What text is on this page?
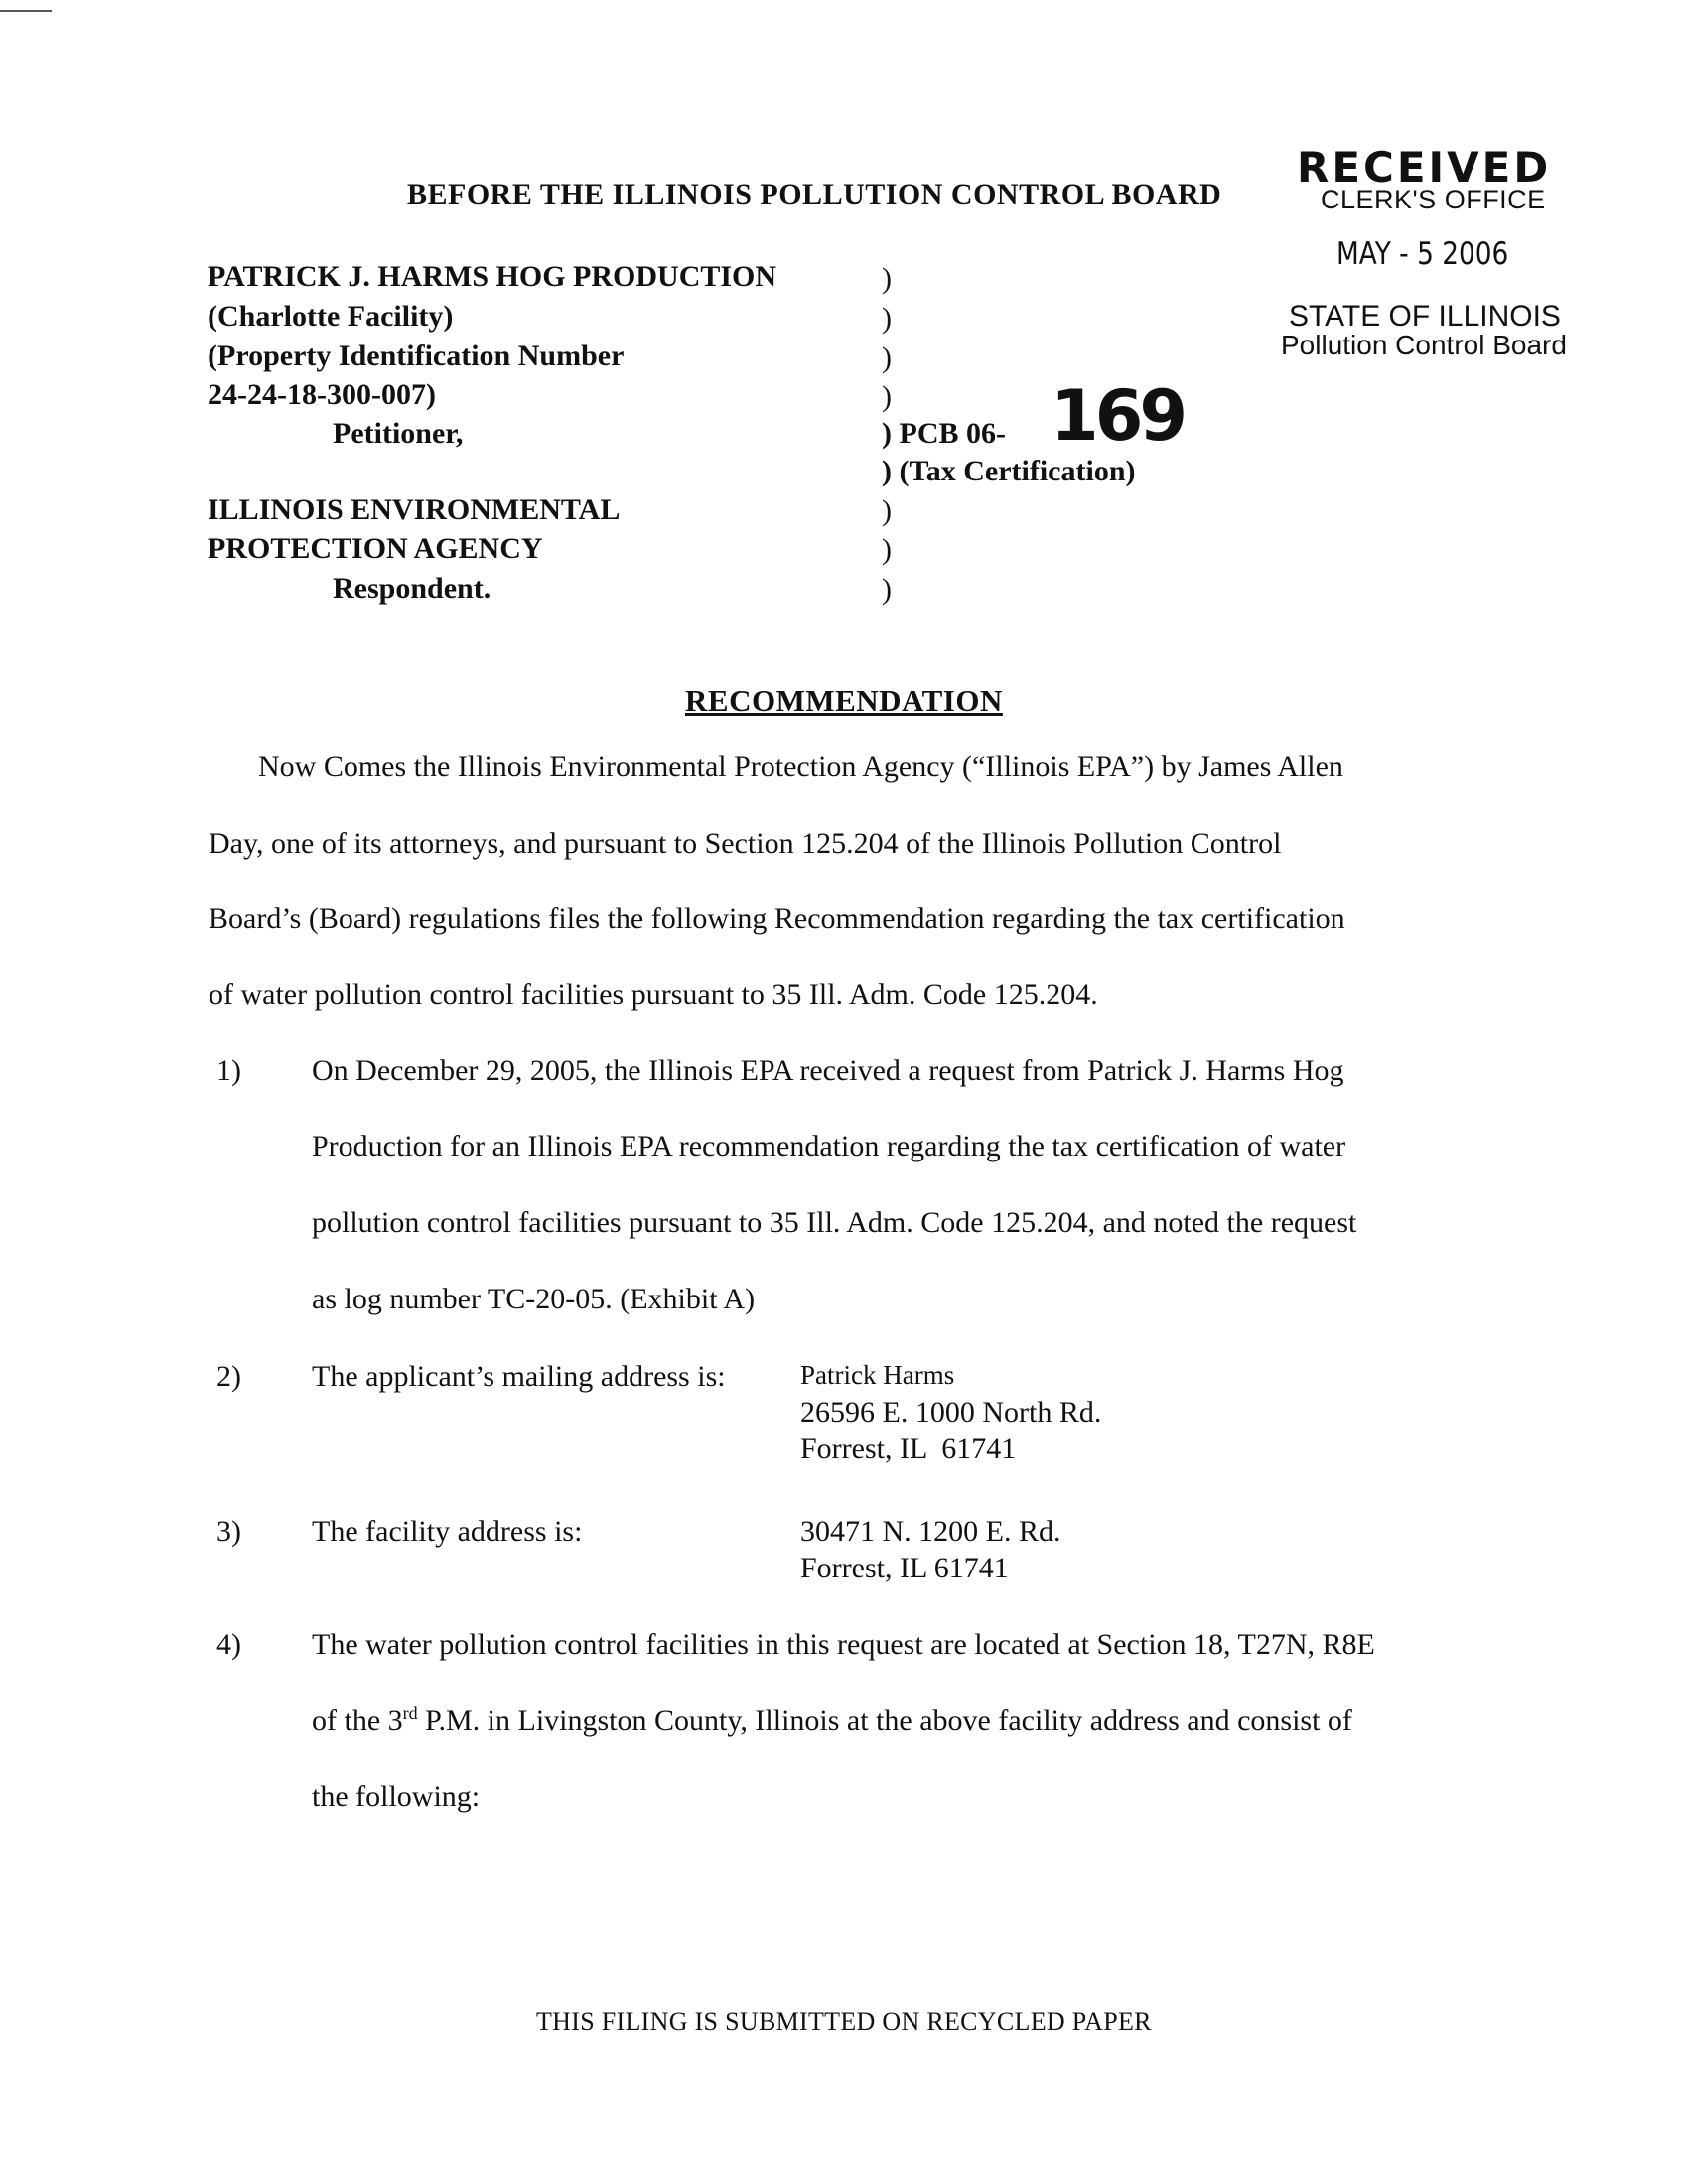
BEFORE THE ILLINOIS POLLUTION CONTROL BOARD
RECEIVED
CLERK'S OFFICE
MAY - 5 2006
STATE OF ILLINOIS
Pollution Control Board
PATRICK J. HARMS HOG PRODUCTION
(Charlotte Facility)
(Property Identification Number
24-24-18-300-007)
Petitioner,
ILLINOIS ENVIRONMENTAL
PROTECTION AGENCY
Respondent.
)
)
)
)
) PCB 06- 169
) (Tax Certification)
)
)
)
RECOMMENDATION
Now Comes the Illinois Environmental Protection Agency (“Illinois EPA”) by James Allen
Day, one of its attorneys, and pursuant to Section 125.204 of the Illinois Pollution Control
Board’s (Board) regulations files the following Recommendation regarding the tax certification
of water pollution control facilities pursuant to 35 Ill. Adm. Code 125.204.
1) On December 29, 2005, the Illinois EPA received a request from Patrick J. Harms Hog
Production for an Illinois EPA recommendation regarding the tax certification of water
pollution control facilities pursuant to 35 Ill. Adm. Code 125.204, and noted the request
as log number TC-20-05. (Exhibit A)
2) The applicant’s mailing address is:	Patrick Harms
26596 E. 1000 North Rd.
Forrest, IL  61741
3) The facility address is:	30471 N. 1200 E. Rd.
Forrest, IL 61741
4) The water pollution control facilities in this request are located at Section 18, T27N, R8E
of the 3rd P.M. in Livingston County, Illinois at the above facility address and consist of
the following:
THIS FILING IS SUBMITTED ON RECYCLED PAPER
